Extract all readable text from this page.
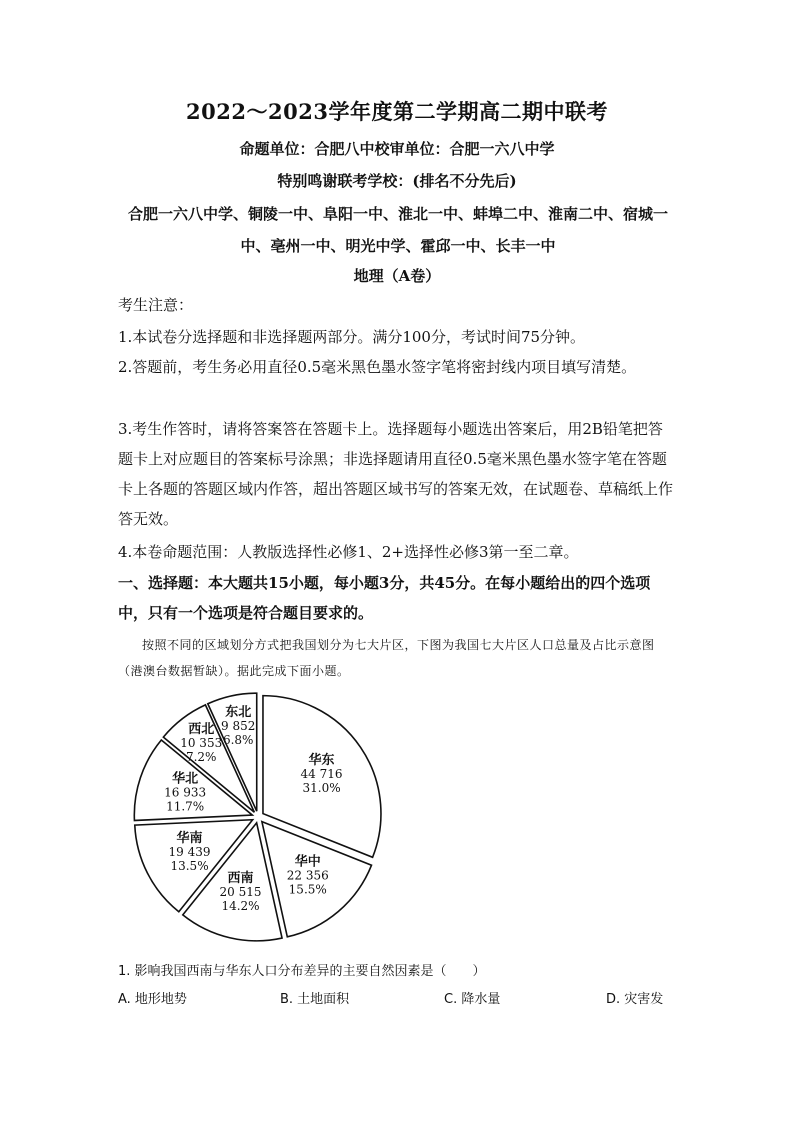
2022～2023学年度第二学期高二期中联考
命题单位：合肥八中校审单位：合肥一六八中学
特别鸣谢联考学校：(排名不分先后)
合肥一六八中学、铜陵一中、阜阳一中、淮北一中、蚌埠二中、淮南二中、宿城一中、亳州一中、明光中学、霍邱一中、长丰一中
地理（A卷）
考生注意：
1.本试卷分选择题和非选择题两部分。满分100分，考试时间75分钟。
2.答题前，考生务必用直径0.5毫米黑色墨水签字笔将密封线内项目填写清楚。
3.考生作答时，请将答案答在答题卡上。选择题每小题选出答案后，用2B铅笔把答题卡上对应题目的答案标号涂黑；非选择题请用直径0.5毫米黑色墨水签字笔在答题卡上各题的答题区域内作答，超出答题区域书写的答案无效，在试题卷、草稿纸上作答无效。
4.本卷命题范围：人教版选择性必修1、2+选择性必修3第一至二章。
一、选择题：本大题共15小题，每小题3分，共45分。在每小题给出的四个选项中，只有一个选项是符合题目要求的。
按照不同的区域划分方式把我国划分为七大片区，下图为我国七大片区人口总量及占比示意图（港澳台数据暂缺）。据此完成下面小题。
华东
44 716
31.0%
华中
22 356
15.5%
西南
20 515
14.2%
华南
19 439
13.5%
华北
16 933
11.7%
西北
10 353
7.2%
东北
9 852
6.8%
1. 影响我国西南与华东人口分布差异的主要自然因素是（　　）
A. 地形地势	B. 土地面积	C. 降水量	D. 灾害发
